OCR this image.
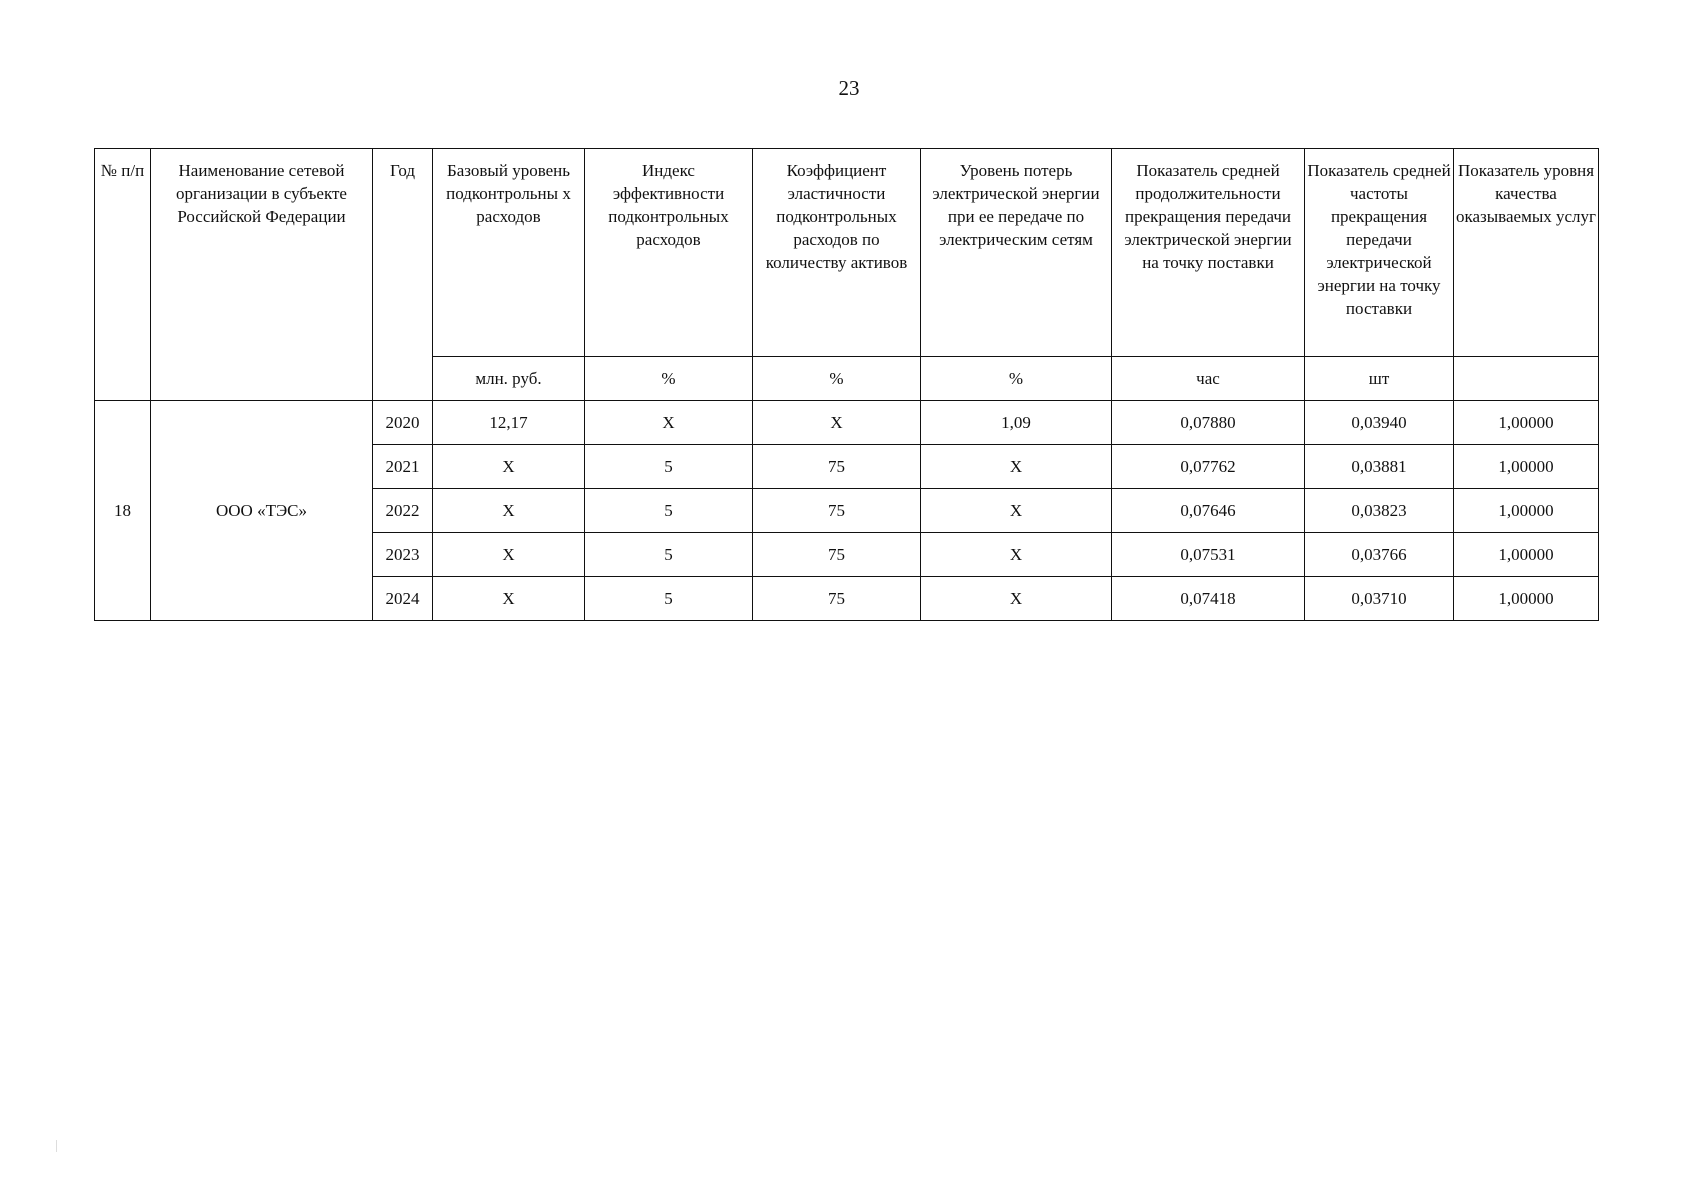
23
№ п/п	Наименование сетевой организации в субъекте Российской Федерации	Год	Базовый уровень подконтрольны х расходов	Индекс эффективности подконтрольных расходов	Коэффициент эластичности подконтрольных расходов по количеству активов	Уровень потерь электрической энергии при ее передаче по электрическим сетям	Показатель средней продолжительности прекращения передачи электрической энергии на точку поставки	Показатель средней частоты прекращения передачи электрической энергии на точку поставки	Показатель уровня качества оказываемых услуг
			млн. руб.	%	%	%	час	шт	
18	ООО «ТЭС»	2020	12,17	X	X	1,09	0,07880	0,03940	1,00000
		2021	X	5	75	X	0,07762	0,03881	1,00000
		2022	X	5	75	X	0,07646	0,03823	1,00000
		2023	X	5	75	X	0,07531	0,03766	1,00000
		2024	X	5	75	X	0,07418	0,03710	1,00000
